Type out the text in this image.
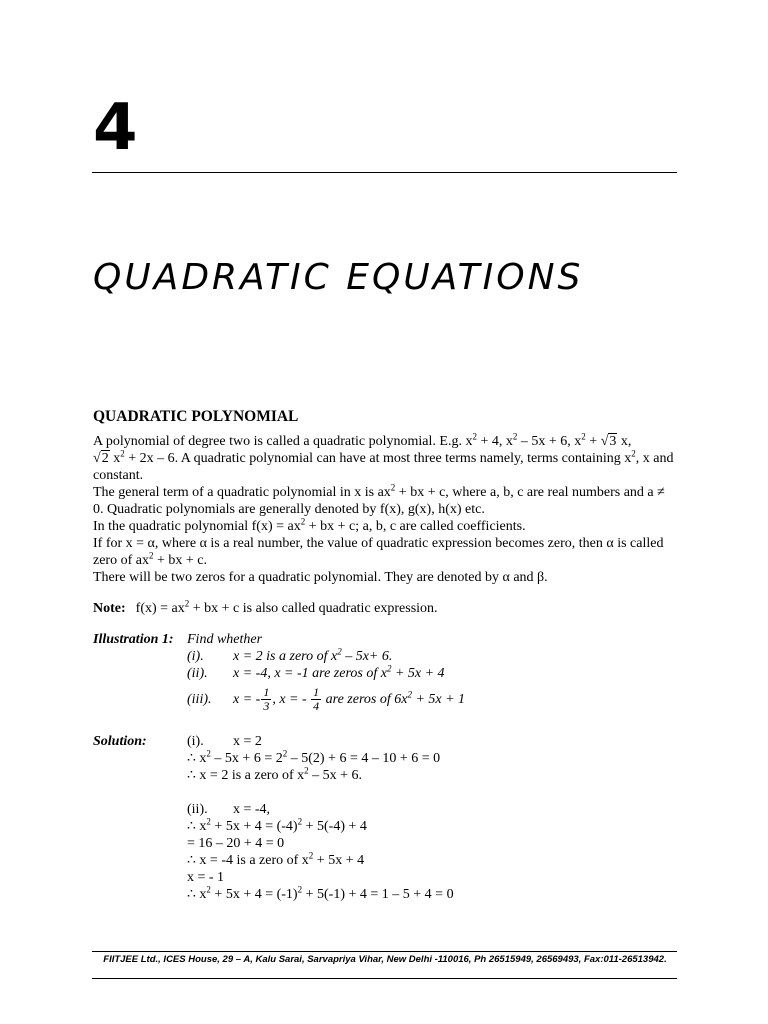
4
QUADRATIC EQUATIONS
QUADRATIC POLYNOMIAL

A polynomial of degree two is called a quadratic polynomial. E.g. $x^2 + 4$, $x^2 - 5x + 6$, $x^2 + √3$ x,
√2 $x^2 + 2x - 6$. A quadratic polynomial can have at most three terms namely, terms containing $x^2$, x and constant.

The general term of a quadratic polynomial in x is $ax^2$ + bx + c, where a, b, c are real numbers and a ≠ 0. Quadratic polynomials are generally denoted by f(x), g(x), h(x) etc.

In the quadratic polynomial $f(x) = ax^2$ + bx + c; a, b, c are called coefficients.

If for x = α, where α is a real number, the value of quadratic expression becomes zero, then α is called zero of $ax^2$ + bx + c.

There will be two zeros for a quadratic polynomial. They are denoted by α and β.

Note: $f(x) = ax^2$ + bx + c is also called quadratic expression.
Illustration 1: Find whether
(i).	x = 2 is a zero of $x^2 - 5x+ 6$.
(ii).	x = -4, x = -1 are zeros of $x^2 + 5x + 4$
(iii).	x = - $\frac{1}{3}$ , x = - $\frac{1}{4}$ are zeros of $6x^2 + 5x + 1$
Solution:	(i).	x = 2
∴ $x^2 - 5x + 6 = 2^2 - 5(2) + 6 = 4 - 10 + 6 = 0$
∴ x = 2 is a zero of $x^2 - 5x + 6$.
(ii).	x = -4,
∴ $x^2 + 5x + 4 = (-4)^2 + 5(-4) + 4$
= 16 – 20 + 4 = 0
∴ x = -4 is a zero of $x^2 + 5x + 4$
x = - 1
∴ $x^2 + 5x + 4 = (-1)^2 + 5(-1) + 4 = 1 - 5 + 4 = 0$
FIITJEE Ltd., ICES House, 29 – A, Kalu Sarai, Sarvapriya Vihar, New Delhi -110016, Ph 26515949, 26569493, Fax:011-26513942.
